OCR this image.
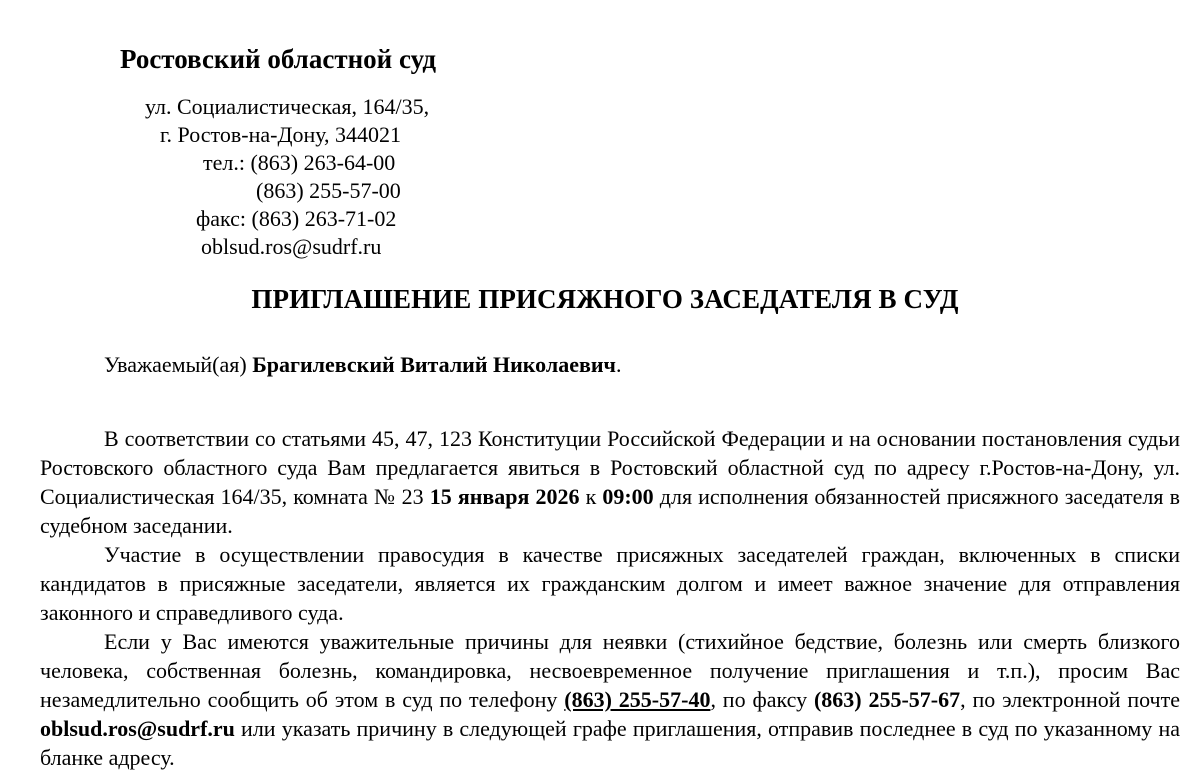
Ростовский областной суд
ул. Социалистическая, 164/35,
г. Ростов-на-Дону, 344021
тел.: (863) 263-64-00
(863) 255-57-00
факс: (863) 263-71-02
oblsud.ros@sudrf.ru
ПРИГЛАШЕНИЕ ПРИСЯЖНОГО ЗАСЕДАТЕЛЯ В СУД
Уважаемый(ая) Брагилевский Виталий Николаевич.

В соответствии со статьями 45, 47, 123 Конституции Российской Федерации и на основании постановления судьи Ростовского областного суда Вам предлагается явиться в Ростовский областной суд по адресу г.Ростов-на-Дону, ул. Социалистическая 164/35, комната № 23 15 января 2026 к 09:00 для исполнения обязанностей присяжного заседателя в судебном заседании.

Участие в осуществлении правосудия в качестве присяжных заседателей граждан, включенных в списки кандидатов в присяжные заседатели, является их гражданским долгом и имеет важное значение для отправления законного и справедливого суда.

Если у Вас имеются уважительные причины для неявки (стихийное бедствие, болезнь или смерть близкого человека, собственная болезнь, командировка, несвоевременное получение приглашения и т.п.), просим Вас незамедлительно сообщить об этом в суд по телефону (863) 255-57-40, по факсу (863) 255-57-67, по электронной почте oblsud.ros@sudrf.ru или указать причину в следующей графе приглашения, отправив последнее в суд по указанному на бланке адресу.
